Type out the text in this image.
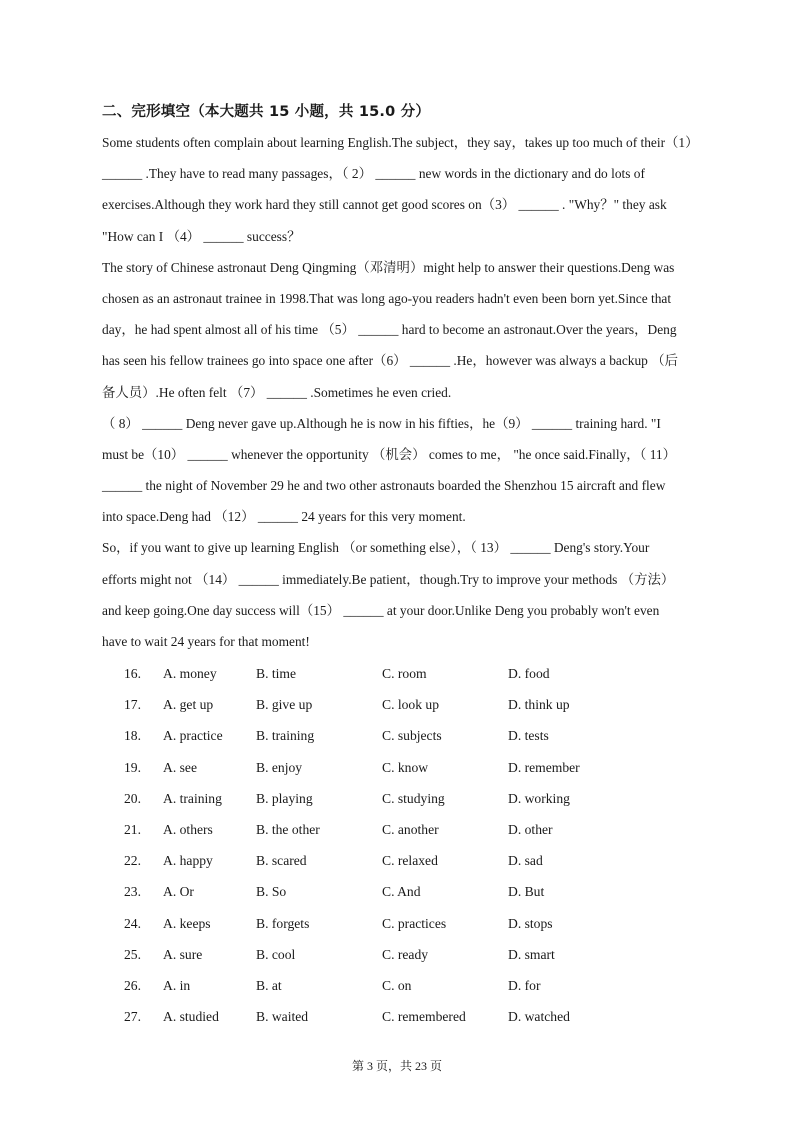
二、完形填空（本大题共 15 小题，共 15.0 分）
Some students often complain about learning English.The subject，they say，takes up too much of their（1）
______ .They have to read many passages，（ 2） ______ new words in the dictionary and do lots of
exercises.Although they work hard they still cannot get good scores on（3） ______ . "Why？" they ask
"How can I （4） ______ success？
The story of Chinese astronaut Deng Qingming（邓清明）might help to answer their questions.Deng was
chosen as an astronaut trainee in 1998.That was long ago-you readers hadn't even been born yet.Since that
day，he had spent almost all of his time （5） ______ hard to become an astronaut.Over the years，Deng
has seen his fellow trainees go into space one after（6） ______ .He，however was always a backup （后
备人员）.He often felt （7） ______ .Sometimes he even cried.
（ 8） ______ Deng never gave up.Although he is now in his fifties，he（9） ______ training hard. "I
must be（10） ______ whenever the opportunity （机会） comes to me， "he once said.Finally，（ 11）
______ the night of November 29 he and two other astronauts boarded the Shenzhou 15 aircraft and flew
into space.Deng had （12） ______ 24 years for this very moment.
So，if you want to give up learning English （or something else），（ 13） ______ Deng's story.Your
efforts might not （14） ______ immediately.Be patient，though.Try to improve your methods （方法）
and keep going.One day success will（15） ______ at your door.Unlike Deng you probably won't even
have to wait 24 years for that moment!
16. A. money	B. time	C. room	D. food
17. A. get up	B. give up	C. look up	D. think up
18. A. practice B. training	C. subjects	D. tests
19. A. see	B. enjoy	C. know	D. remember
20. A. training	B. playing	C. studying	D. working
21. A. others	B. the other	C. another	D. other
22. A. happy	B. scared	C. relaxed	D. sad
23. A. Or	B. So	C. And	D. But
24. A. keeps	B. forgets	C. practices	D. stops
25. A. sure	B. cool	C. ready	D. smart
26. A. in	B. at	C. on	D. for
27. A. studied	B. waited	C. remembered	D. watched
第 3 页，共 23 页
